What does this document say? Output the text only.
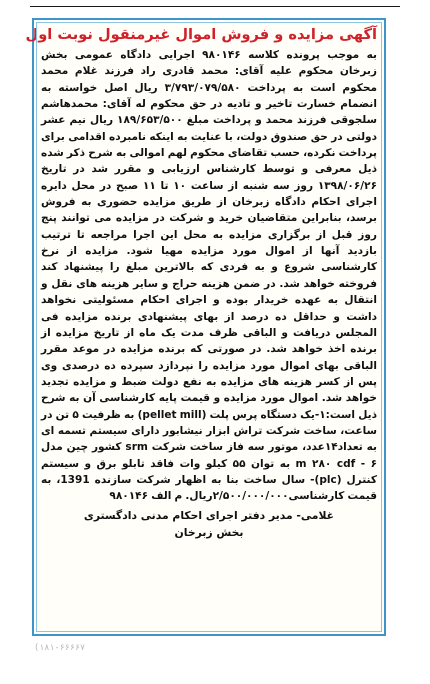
آگهی مزایده و فروش اموال غیرمنقول نوبت اول

به موجب پرونده کلاسه ۹۸۰۱۴۶ اجرایی دادگاه عمومی بخش زبرخان محکوم علیه آقای: محمد قادری راد فرزند غلام محمد محکوم است به پرداخت ۳/۷۹۳/۰۷۹/۵۸۰ ریال اصل خواسته به انضمام خسارت تاخیر و تادیه در حق محکوم له آقای: محمدهاشم سلجوقی فرزند محمد و پرداخت مبلغ ۱۸۹/۶۵۳/۵۰۰ ریال نیم عشر دولتی در حق صندوق دولت، با عنایت به اینکه نامبرده اقدامی برای پرداخت نکرده، حسب تقاضای محکوم لهم اموالی به شرح ذکر شده ذیل معرفی و توسط کارشناس ارزیابی و مقرر شد در تاریخ ۱۳۹۸/۰۶/۲۶ روز سه شنبه از ساعت ۱۰ تا ۱۱ صبح در محل دایره اجرای احکام دادگاه زبرخان از طریق مزایده حضوری به فروش برسد، بنابراین متقاضیان خرید و شرکت در مزایده می توانند پنج روز قبل از برگزاری مزایده به محل این اجرا مراجعه تا ترتیب بازدید آنها از اموال مورد مزایده مهیا شود. مزایده از نرخ کارشناسی شروع و به فردی که بالاترین مبلغ را پیشنهاد کند فروخته خواهد شد. در ضمن هزینه حراج و سایر هزینه های نقل و انتقال به عهده خریدار بوده و اجرای احکام مسئولیتی نخواهد داشت و حداقل ده درصد از بهای پیشنهادی برنده مزایده فی المجلس دریافت و الباقی ظرف مدت یک ماه از تاریخ مزایده از برنده اخذ خواهد شد. در صورتی که برنده مزایده در موعد مقرر الباقی بهای اموال مورد مزایده را نپردازد سپرده ده درصدی وی پس از کسر هزینه های مزایده به نفع دولت ضبط و مزایده تجدید خواهد شد. اموال مورد مزایده و قیمت پایه کارشناسی آن به شرح ذیل است:۱-یک دستگاه پرس پلت (pellet mill) به ظرفیت ۵ تن در ساعت، ساخت شرکت تراش ابزار نیشابور دارای سیستم تسمه ای به تعداد۱۴عدد، موتور سه فاز ساخت شرکت srm کشور چین مدل ۶ - m ۲۸۰ cdf به توان ۵۵ کیلو وات فاقد تابلو برق و سیستم کنترل (plc)- سال ساخت بنا به اظهار شرکت سازنده 1391، به قیمت کارشناسی۲/۵۰۰/۰۰۰/۰۰۰ریال. م الف ۹۸۰۱۴۶

غلامی- مدیر دفتر اجرای احکام مدنی دادگستری
بخش زبرخان
(۱۸۱-۶۶۶۶۷
